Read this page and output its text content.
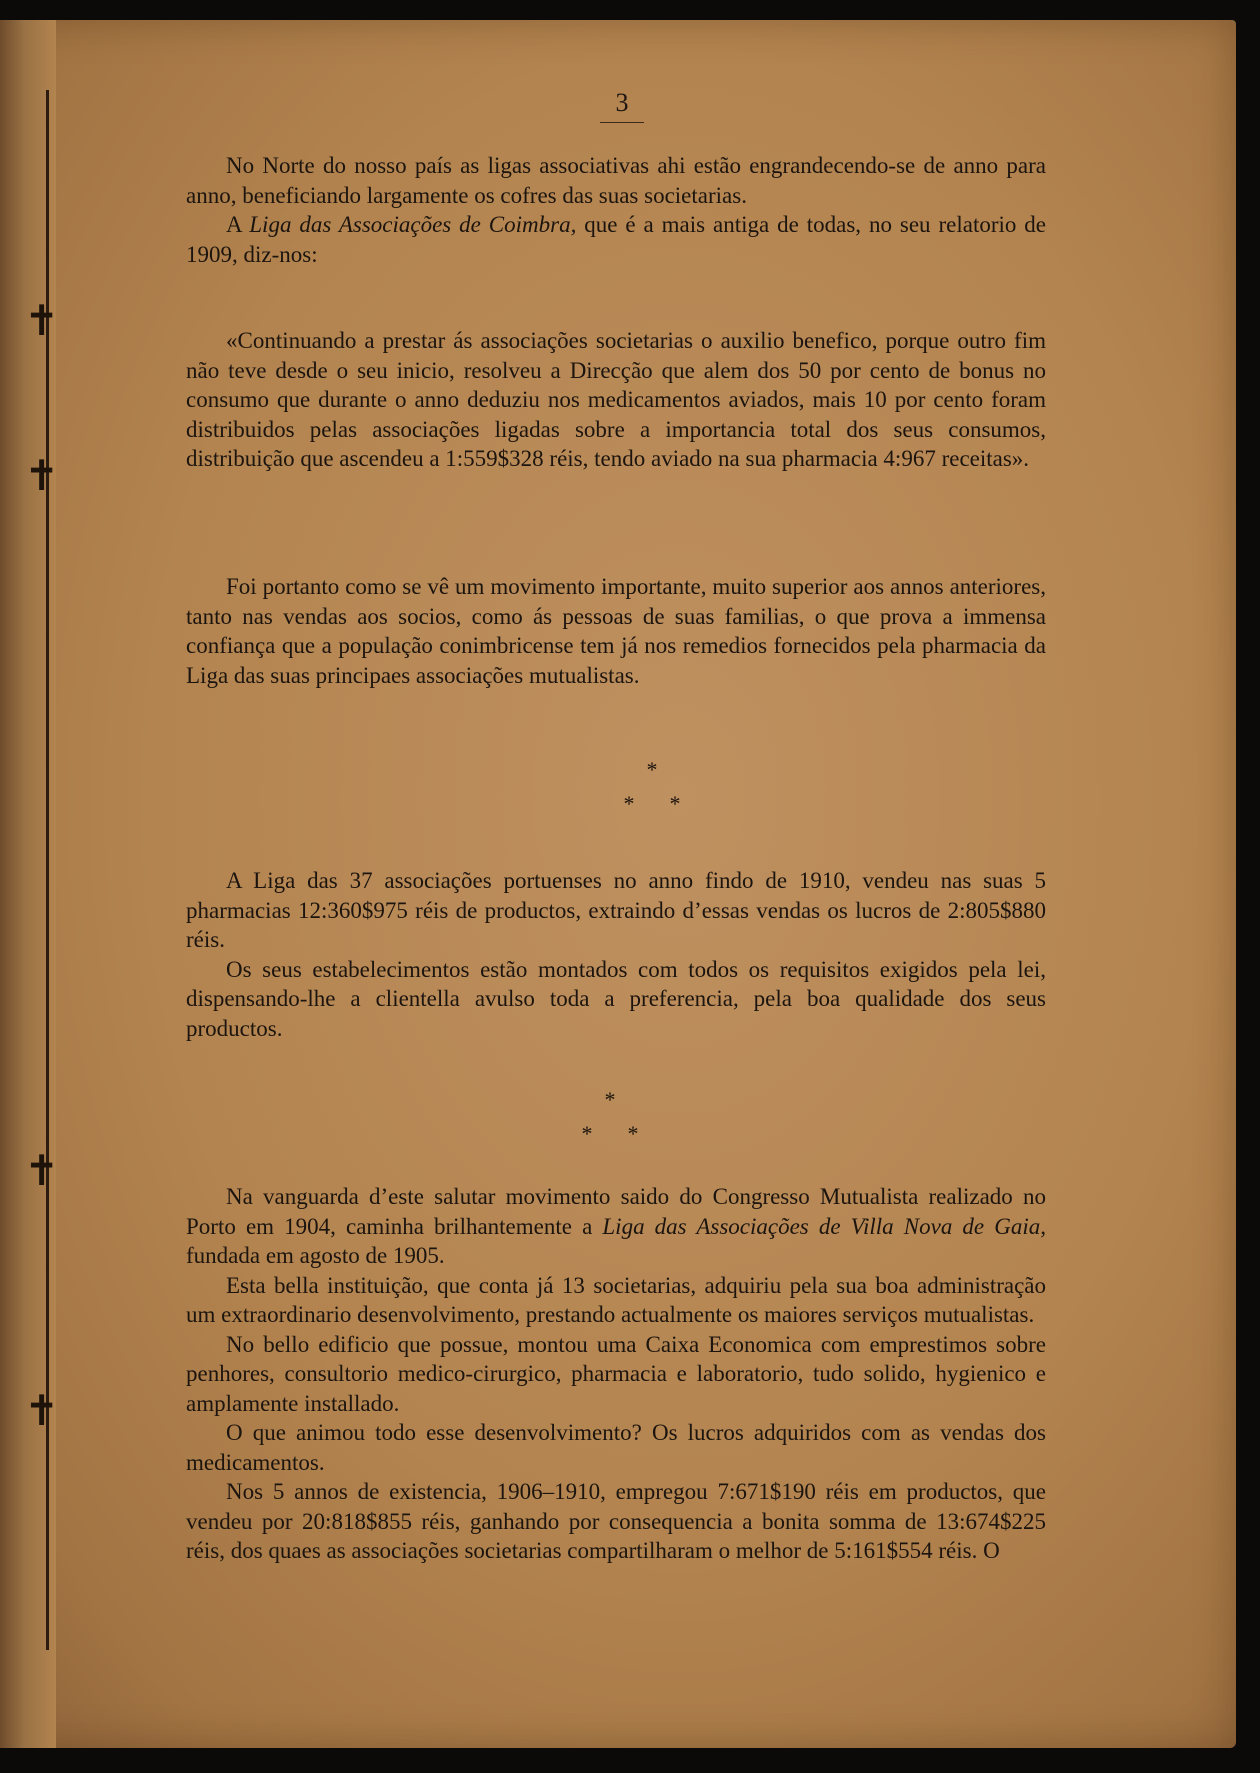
✝
✝
✝
✝
3

No Norte do nosso país as ligas associativas ahi estão engrandecendo-se de anno para anno, beneficiando largamente os cofres das suas societarias.

A Liga das Associações de Coimbra, que é a mais antiga de todas, no seu relatorio de 1909, diz-nos:

«Continuando a prestar ás associações societarias o auxilio benefico, porque outro fim não teve desde o seu inicio, resolveu a Direcção que alem dos 50 por cento de bonus no consumo que durante o anno deduziu nos medicamentos aviados, mais 10 por cento foram distribuidos pelas associações ligadas sobre a importancia total dos seus consumos, distribuição que ascendeu a 1:559$328 réis, tendo aviado na sua pharmacia 4:967 receitas».

Foi portanto como se vê um movimento importante, muito superior aos annos anteriores, tanto nas vendas aos socios, como ás pessoas de suas familias, o que prova a immensa confiança que a população conimbricense tem já nos remedios fornecidos pela pharmacia da Liga das suas principaes associações mutualistas.

*
* *

A Liga das 37 associações portuenses no anno findo de 1910, vendeu nas suas 5 pharmacias 12:360$975 réis de productos, extraindo d’essas vendas os lucros de 2:805$880 réis.

Os seus estabelecimentos estão montados com todos os requisitos exigidos pela lei, dispensando-lhe a clientella avulso toda a preferencia, pela boa qualidade dos seus productos.

*
* *

Na vanguarda d’este salutar movimento saido do Congresso Mutualista realizado no Porto em 1904, caminha brilhantemente a Liga das Associações de Villa Nova de Gaia, fundada em agosto de 1905.

Esta bella instituição, que conta já 13 societarias, adquiriu pela sua boa administração um extraordinario desenvolvimento, prestando actualmente os maiores serviços mutualistas.

No bello edificio que possue, montou uma Caixa Economica com emprestimos sobre penhores, consultorio medico-cirurgico, pharmacia e laboratorio, tudo solido, hygienico e amplamente installado.

O que animou todo esse desenvolvimento? Os lucros adquiridos com as vendas dos medicamentos.

Nos 5 annos de existencia, 1906–1910, empregou 7:671$190 réis em productos, que vendeu por 20:818$855 réis, ganhando por consequencia a bonita somma de 13:674$225 réis, dos quaes as associações societarias compartilharam o melhor de 5:161$554 réis. O
